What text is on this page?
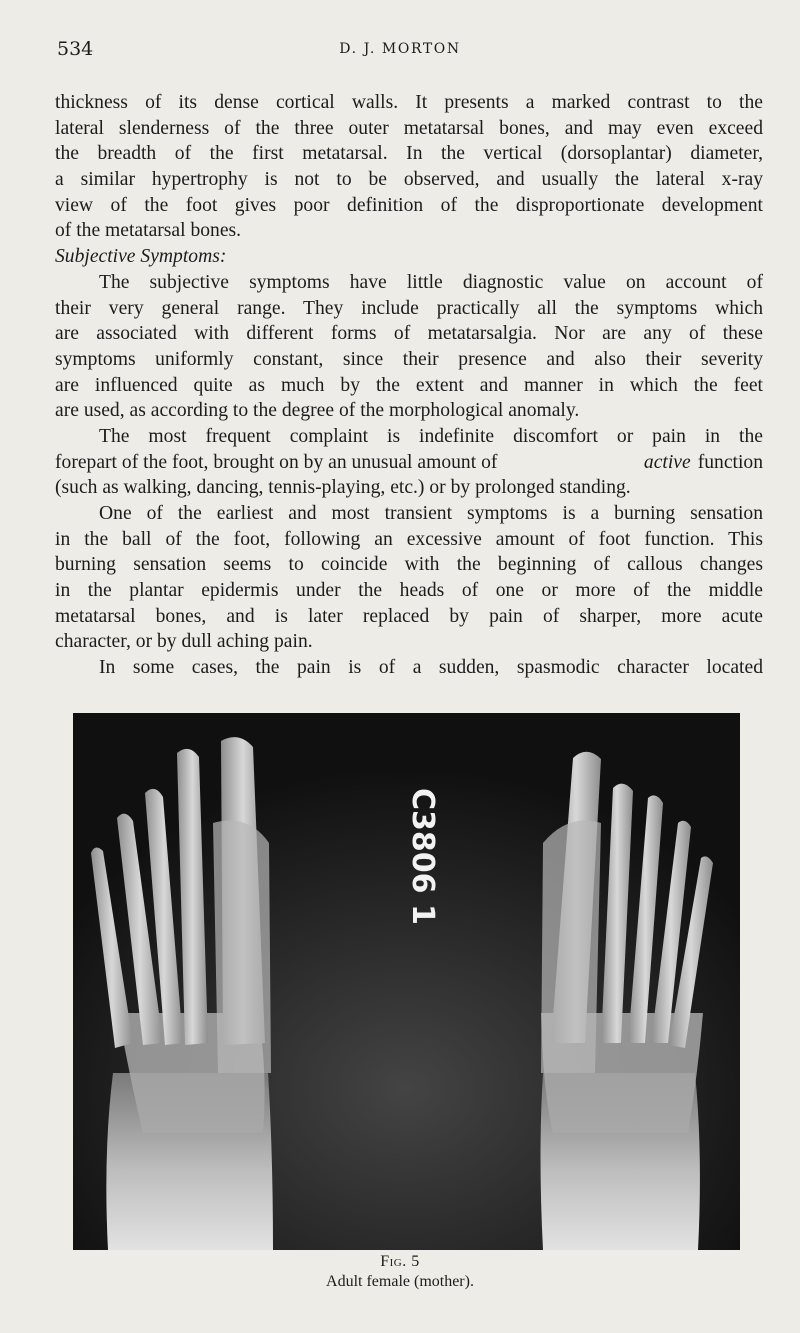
534	D. J. MORTON
thickness of its dense cortical walls. It presents a marked contrast to the
lateral slenderness of the three outer metatarsal bones, and may even exceed
the breadth of the first metatarsal. In the vertical (dorsoplantar) diameter,
a similar hypertrophy is not to be observed, and usually the lateral x-ray
view of the foot gives poor definition of the disproportionate development
of the metatarsal bones.
Subjective Symptoms:
The subjective symptoms have little diagnostic value on account of
their very general range. They include practically all the symptoms which
are associated with different forms of metatarsalgia. Nor are any of these
symptoms uniformly constant, since their presence and also their severity
are influenced quite as much by the extent and manner in which the feet
are used, as according to the degree of the morphological anomaly.
The most frequent complaint is indefinite discomfort or pain in the
forepart of the foot, brought on by an unusual amount of	active function
(such as walking, dancing, tennis-playing, etc.) or by prolonged standing.
One of the earliest and most transient symptoms is a burning sensation
in the ball of the foot, following an excessive amount of foot function. This
burning sensation seems to coincide with the beginning of callous changes
in the plantar epidermis under the heads of one or more of the middle
metatarsal bones, and is later replaced by pain of sharper, more acute
character, or by dull aching pain.
In some cases, the pain is of a sudden, spasmodic character located
C3806 1
Fig. 5
Adult female (mother).
